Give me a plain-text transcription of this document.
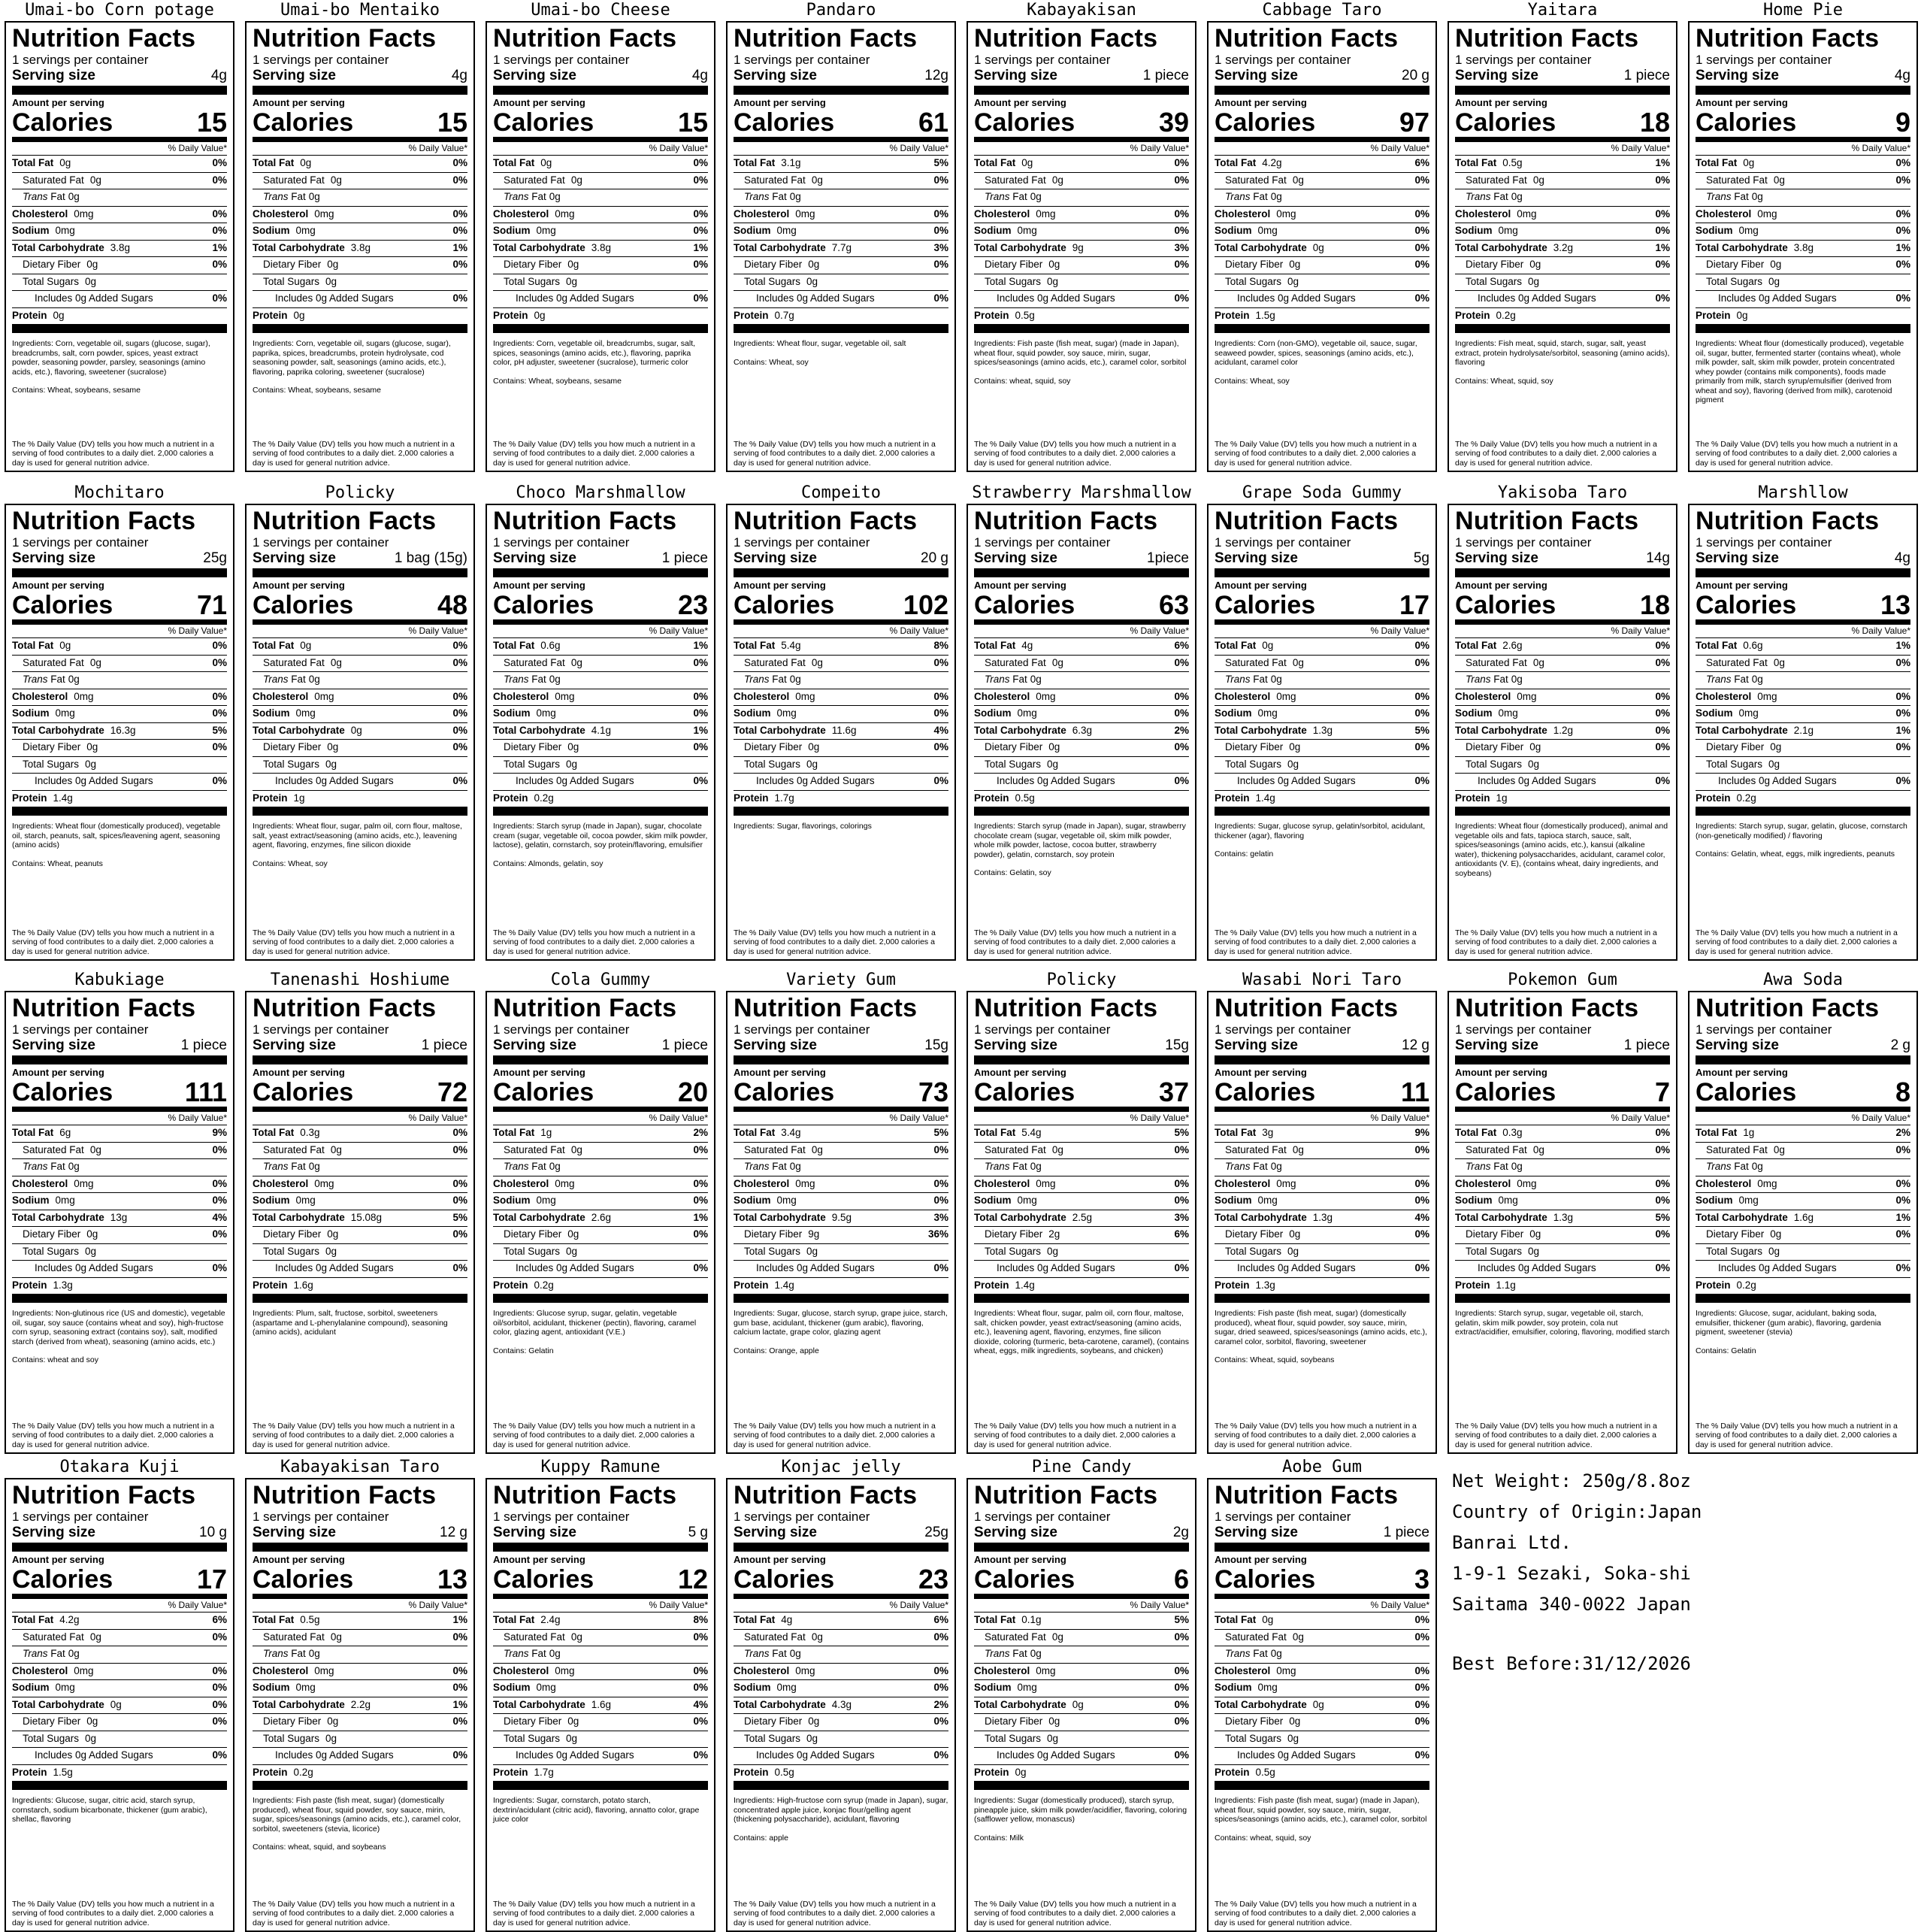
Umai-bo Corn potage
Nutrition Facts
1 servings per container
Serving size	4g
Amount per serving
Calories	15
% Daily Value*
Total Fat 0g	0%
Saturated Fat 0g	0%
Trans Fat 0g
Cholesterol 0mg	0%
Sodium 0mg	0%
Total Carbohydrate 3.8g	1%
Dietary Fiber 0g	0%
Total Sugars 0g
Includes 0g Added Sugars	0%
Protein 0g
Ingredients: Corn, vegetable oil, sugars (glucose, sugar), breadcrumbs, salt, corn powder, spices, yeast extract powder, seasoning powder, parsley, seasonings (amino acids, etc.), flavoring, sweetener (sucralose)
Contains: Wheat, soybeans, sesame
The % Daily Value (DV) tells you how much a nutrient in a serving of food contributes to a daily diet. 2,000 calories a day is used for general nutrition advice.
Umai-bo Mentaiko
Nutrition Facts
1 servings per container
Serving size	4g
Amount per serving
Calories	15
% Daily Value*
Total Fat 0g	0%
Saturated Fat 0g	0%
Trans Fat 0g
Cholesterol 0mg	0%
Sodium 0mg	0%
Total Carbohydrate 3.8g	1%
Dietary Fiber 0g	0%
Total Sugars 0g
Includes 0g Added Sugars	0%
Protein 0g
Ingredients: Corn, vegetable oil, sugars (glucose, sugar), paprika, spices, breadcrumbs, protein hydrolysate, cod seasoning powder, salt, seasonings (amino acids, etc.), flavoring, paprika coloring, sweetener (sucralose)
Contains: Wheat, soybeans, sesame
The % Daily Value (DV) tells you how much a nutrient in a serving of food contributes to a daily diet. 2,000 calories a day is used for general nutrition advice.
Umai-bo Cheese
Nutrition Facts
1 servings per container
Serving size	4g
Amount per serving
Calories	15
% Daily Value*
Total Fat 0g	0%
Saturated Fat 0g	0%
Trans Fat 0g
Cholesterol 0mg	0%
Sodium 0mg	0%
Total Carbohydrate 3.8g	1%
Dietary Fiber 0g	0%
Total Sugars 0g
Includes 0g Added Sugars	0%
Protein 0g
Ingredients: Corn, vegetable oil, breadcrumbs, sugar, salt, spices, seasonings (amino acids, etc.), flavoring, paprika color, pH adjuster, sweetener (sucralose), turmeric color
Contains: Wheat, soybeans, sesame
The % Daily Value (DV) tells you how much a nutrient in a serving of food contributes to a daily diet. 2,000 calories a day is used for general nutrition advice.
Pandaro
Nutrition Facts
1 servings per container
Serving size	12g
Amount per serving
Calories	61
% Daily Value*
Total Fat 3.1g	5%
Saturated Fat 0g	0%
Trans Fat 0g
Cholesterol 0mg	0%
Sodium 0mg	0%
Total Carbohydrate 7.7g	3%
Dietary Fiber 0g	0%
Total Sugars 0g
Includes 0g Added Sugars	0%
Protein 0.7g
Ingredients: Wheat flour, sugar, vegetable oil, salt
Contains: Wheat, soy
The % Daily Value (DV) tells you how much a nutrient in a serving of food contributes to a daily diet. 2,000 calories a day is used for general nutrition advice.
Kabayakisan
Nutrition Facts
1 servings per container
Serving size	1 piece
Amount per serving
Calories	39
% Daily Value*
Total Fat 0g	0%
Saturated Fat 0g	0%
Trans Fat 0g
Cholesterol 0mg	0%
Sodium 0mg	0%
Total Carbohydrate 9g	3%
Dietary Fiber 0g	0%
Total Sugars 0g
Includes 0g Added Sugars	0%
Protein 0.5g
Ingredients: Fish paste (fish meat, sugar) (made in Japan), wheat flour, squid powder, soy sauce, mirin, sugar, spices/seasonings (amino acids, etc.), caramel color, sorbitol
Contains: wheat, squid, soy
The % Daily Value (DV) tells you how much a nutrient in a serving of food contributes to a daily diet. 2,000 calories a day is used for general nutrition advice.
Cabbage Taro
Nutrition Facts
1 servings per container
Serving size	20 g
Amount per serving
Calories	97
% Daily Value*
Total Fat 4.2g	6%
Saturated Fat 0g	0%
Trans Fat 0g
Cholesterol 0mg	0%
Sodium 0mg	0%
Total Carbohydrate 0g	0%
Dietary Fiber 0g	0%
Total Sugars 0g
Includes 0g Added Sugars	0%
Protein 1.5g
Ingredients: Corn (non-GMO), vegetable oil, sauce, sugar, seaweed powder, spices, seasonings (amino acids, etc.), acidulant, caramel color
Contains: Wheat, soy
The % Daily Value (DV) tells you how much a nutrient in a serving of food contributes to a daily diet. 2,000 calories a day is used for general nutrition advice.
Yaitara
Nutrition Facts
1 servings per container
Serving size	1 piece
Amount per serving
Calories	18
% Daily Value*
Total Fat 0.5g	1%
Saturated Fat 0g	0%
Trans Fat 0g
Cholesterol 0mg	0%
Sodium 0mg	0%
Total Carbohydrate 3.2g	1%
Dietary Fiber 0g	0%
Total Sugars 0g
Includes 0g Added Sugars	0%
Protein 0.2g
Ingredients: Fish meat, squid, starch, sugar, salt, yeast extract, protein hydrolysate/sorbitol, seasoning (amino acids), flavoring
Contains: Wheat, squid, soy
The % Daily Value (DV) tells you how much a nutrient in a serving of food contributes to a daily diet. 2,000 calories a day is used for general nutrition advice.
Home Pie
Nutrition Facts
1 servings per container
Serving size	4g
Amount per serving
Calories	9
% Daily Value*
Total Fat 0g	0%
Saturated Fat 0g	0%
Trans Fat 0g
Cholesterol 0mg	0%
Sodium 0mg	0%
Total Carbohydrate 3.8g	1%
Dietary Fiber 0g	0%
Total Sugars 0g
Includes 0g Added Sugars	0%
Protein 0g
Ingredients: Wheat flour (domestically produced), vegetable oil, sugar, butter, fermented starter (contains wheat), whole milk powder, salt, skim milk powder, protein concentrated whey powder (contains milk components), foods made primarily from milk, starch syrup/emulsifier (derived from wheat and soy), flavoring (derived from milk), carotenoid pigment
The % Daily Value (DV) tells you how much a nutrient in a serving of food contributes to a daily diet. 2,000 calories a day is used for general nutrition advice.
Mochitaro
Nutrition Facts
1 servings per container
Serving size	25g
Amount per serving
Calories	71
% Daily Value*
Total Fat 0g	0%
Saturated Fat 0g	0%
Trans Fat 0g
Cholesterol 0mg	0%
Sodium 0mg	0%
Total Carbohydrate 16.3g	5%
Dietary Fiber 0g	0%
Total Sugars 0g
Includes 0g Added Sugars	0%
Protein 1.4g
Ingredients: Wheat flour (domestically produced), vegetable oil, starch, peanuts, salt, spices/leavening agent, seasoning (amino acids)
Contains: Wheat, peanuts
The % Daily Value (DV) tells you how much a nutrient in a serving of food contributes to a daily diet. 2,000 calories a day is used for general nutrition advice.
Policky
Nutrition Facts
1 servings per container
Serving size	1 bag (15g)
Amount per serving
Calories	48
% Daily Value*
Total Fat 0g	0%
Saturated Fat 0g	0%
Trans Fat 0g
Cholesterol 0mg	0%
Sodium 0mg	0%
Total Carbohydrate 0g	0%
Dietary Fiber 0g	0%
Total Sugars 0g
Includes 0g Added Sugars	0%
Protein 1g
Ingredients: Wheat flour, sugar, palm oil, corn flour, maltose, salt, yeast extract/seasoning (amino acids, etc.), leavening agent, flavoring, enzymes, fine silicon dioxide
Contains: Wheat, soy
The % Daily Value (DV) tells you how much a nutrient in a serving of food contributes to a daily diet. 2,000 calories a day is used for general nutrition advice.
Choco Marshmallow
Nutrition Facts
1 servings per container
Serving size	1 piece
Amount per serving
Calories	23
% Daily Value*
Total Fat 0.6g	1%
Saturated Fat 0g	0%
Trans Fat 0g
Cholesterol 0mg	0%
Sodium 0mg	0%
Total Carbohydrate 4.1g	1%
Dietary Fiber 0g	0%
Total Sugars 0g
Includes 0g Added Sugars	0%
Protein 0.2g
Ingredients: Starch syrup (made in Japan), sugar, chocolate cream (sugar, vegetable oil, cocoa powder, skim milk powder, lactose), gelatin, cornstarch, soy protein/flavoring, emulsifier
Contains: Almonds, gelatin, soy
The % Daily Value (DV) tells you how much a nutrient in a serving of food contributes to a daily diet. 2,000 calories a day is used for general nutrition advice.
Compeito
Nutrition Facts
1 servings per container
Serving size	20 g
Amount per serving
Calories	102
% Daily Value*
Total Fat 5.4g	8%
Saturated Fat 0g	0%
Trans Fat 0g
Cholesterol 0mg	0%
Sodium 0mg	0%
Total Carbohydrate 11.6g	4%
Dietary Fiber 0g	0%
Total Sugars 0g
Includes 0g Added Sugars	0%
Protein 1.7g
Ingredients: Sugar, flavorings, colorings
The % Daily Value (DV) tells you how much a nutrient in a serving of food contributes to a daily diet. 2,000 calories a day is used for general nutrition advice.
Strawberry Marshmallow
Nutrition Facts
1 servings per container
Serving size	1piece
Amount per serving
Calories	63
% Daily Value*
Total Fat 4g	6%
Saturated Fat 0g	0%
Trans Fat 0g
Cholesterol 0mg	0%
Sodium 0mg	0%
Total Carbohydrate 6.3g	2%
Dietary Fiber 0g	0%
Total Sugars 0g
Includes 0g Added Sugars	0%
Protein 0.5g
Ingredients: Starch syrup (made in Japan), sugar, strawberry chocolate cream (sugar, vegetable oil, skim milk powder, whole milk powder, lactose, cocoa butter, strawberry powder), gelatin, cornstarch, soy protein
Contains: Gelatin, soy
The % Daily Value (DV) tells you how much a nutrient in a serving of food contributes to a daily diet. 2,000 calories a day is used for general nutrition advice.
Grape Soda Gummy
Nutrition Facts
1 servings per container
Serving size	5g
Amount per serving
Calories	17
% Daily Value*
Total Fat 0g	0%
Saturated Fat 0g	0%
Trans Fat 0g
Cholesterol 0mg	0%
Sodium 0mg	0%
Total Carbohydrate 1.3g	5%
Dietary Fiber 0g	0%
Total Sugars 0g
Includes 0g Added Sugars	0%
Protein 1.4g
Ingredients: Sugar, glucose syrup, gelatin/sorbitol, acidulant, thickener (agar), flavoring
Contains: gelatin
The % Daily Value (DV) tells you how much a nutrient in a serving of food contributes to a daily diet. 2,000 calories a day is used for general nutrition advice.
Yakisoba Taro
Nutrition Facts
1 servings per container
Serving size	14g
Amount per serving
Calories	18
% Daily Value*
Total Fat 2.6g	0%
Saturated Fat 0g	0%
Trans Fat 0g
Cholesterol 0mg	0%
Sodium 0mg	0%
Total Carbohydrate 1.2g	0%
Dietary Fiber 0g	0%
Total Sugars 0g
Includes 0g Added Sugars	0%
Protein 1g
Ingredients: Wheat flour (domestically produced), animal and vegetable oils and fats, tapioca starch, sauce, salt, spices/seasonings (amino acids, etc.), kansui (alkaline water), thickening polysaccharides, acidulant, caramel color, antioxidants (V. E), (contains wheat, dairy ingredients, and soybeans)
The % Daily Value (DV) tells you how much a nutrient in a serving of food contributes to a daily diet. 2,000 calories a day is used for general nutrition advice.
Marshllow
Nutrition Facts
1 servings per container
Serving size	4g
Amount per serving
Calories	13
% Daily Value*
Total Fat 0.6g	1%
Saturated Fat 0g	0%
Trans Fat 0g
Cholesterol 0mg	0%
Sodium 0mg	0%
Total Carbohydrate 2.1g	1%
Dietary Fiber 0g	0%
Total Sugars 0g
Includes 0g Added Sugars	0%
Protein 0.2g
Ingredients: Starch syrup, sugar, gelatin, glucose, cornstarch (non-genetically modified) / flavoring
Contains: Gelatin, wheat, eggs, milk ingredients, peanuts
The % Daily Value (DV) tells you how much a nutrient in a serving of food contributes to a daily diet. 2,000 calories a day is used for general nutrition advice.
Kabukiage
Nutrition Facts
1 servings per container
Serving size	1 piece
Amount per serving
Calories	111
% Daily Value*
Total Fat 6g	9%
Saturated Fat 0g	0%
Trans Fat 0g
Cholesterol 0mg	0%
Sodium 0mg	0%
Total Carbohydrate 13g	4%
Dietary Fiber 0g	0%
Total Sugars 0g
Includes 0g Added Sugars	0%
Protein 1.3g
Ingredients: Non-glutinous rice (US and domestic), vegetable oil, sugar, soy sauce (contains wheat and soy), high-fructose corn syrup, seasoning extract (contains soy), salt, modified starch (derived from wheat), seasoning (amino acids, etc.)
Contains: wheat and soy
The % Daily Value (DV) tells you how much a nutrient in a serving of food contributes to a daily diet. 2,000 calories a day is used for general nutrition advice.
Tanenashi Hoshiume
Nutrition Facts
1 servings per container
Serving size	1 piece
Amount per serving
Calories	72
% Daily Value*
Total Fat 0.3g	0%
Saturated Fat 0g	0%
Trans Fat 0g
Cholesterol 0mg	0%
Sodium 0mg	0%
Total Carbohydrate 15.08g	5%
Dietary Fiber 0g	0%
Total Sugars 0g
Includes 0g Added Sugars	0%
Protein 1.6g
Ingredients: Plum, salt, fructose, sorbitol, sweeteners (aspartame and L-phenylalanine compound), seasoning (amino acids), acidulant
The % Daily Value (DV) tells you how much a nutrient in a serving of food contributes to a daily diet. 2,000 calories a day is used for general nutrition advice.
Cola Gummy
Nutrition Facts
1 servings per container
Serving size	1 piece
Amount per serving
Calories	20
% Daily Value*
Total Fat 1g	2%
Saturated Fat 0g	0%
Trans Fat 0g
Cholesterol 0mg	0%
Sodium 0mg	0%
Total Carbohydrate 2.6g	1%
Dietary Fiber 0g	0%
Total Sugars 0g
Includes 0g Added Sugars	0%
Protein 0.2g
Ingredients: Glucose syrup, sugar, gelatin, vegetable oil/sorbitol, acidulant, thickener (pectin), flavoring, caramel color, glazing agent, antioxidant (V.E.)
Contains: Gelatin
The % Daily Value (DV) tells you how much a nutrient in a serving of food contributes to a daily diet. 2,000 calories a day is used for general nutrition advice.
Variety Gum
Nutrition Facts
1 servings per container
Serving size	15g
Amount per serving
Calories	73
% Daily Value*
Total Fat 3.4g	5%
Saturated Fat 0g	0%
Trans Fat 0g
Cholesterol 0mg	0%
Sodium 0mg	0%
Total Carbohydrate 9.5g	3%
Dietary Fiber 9g	36%
Total Sugars 0g
Includes 0g Added Sugars	0%
Protein 1.4g
Ingredients: Sugar, glucose, starch syrup, grape juice, starch, gum base, acidulant, thickener (gum arabic), flavoring, calcium lactate, grape color, glazing agent
Contains: Orange, apple
The % Daily Value (DV) tells you how much a nutrient in a serving of food contributes to a daily diet. 2,000 calories a day is used for general nutrition advice.
Policky
Nutrition Facts
1 servings per container
Serving size	15g
Amount per serving
Calories	37
% Daily Value*
Total Fat 5.4g	5%
Saturated Fat 0g	0%
Trans Fat 0g
Cholesterol 0mg	0%
Sodium 0mg	0%
Total Carbohydrate 2.5g	3%
Dietary Fiber 2g	6%
Total Sugars 0g
Includes 0g Added Sugars	0%
Protein 1.4g
Ingredients: Wheat flour, sugar, palm oil, corn flour, maltose, salt, chicken powder, yeast extract/seasoning (amino acids, etc.), leavening agent, flavoring, enzymes, fine silicon dioxide, coloring (turmeric, beta-carotene, caramel), (contains wheat, eggs, milk ingredients, soybeans, and chicken)
The % Daily Value (DV) tells you how much a nutrient in a serving of food contributes to a daily diet. 2,000 calories a day is used for general nutrition advice.
Wasabi Nori Taro
Nutrition Facts
1 servings per container
Serving size	12 g
Amount per serving
Calories	11
% Daily Value*
Total Fat 3g	9%
Saturated Fat 0g	0%
Trans Fat 0g
Cholesterol 0mg	0%
Sodium 0mg	0%
Total Carbohydrate 1.3g	4%
Dietary Fiber 0g	0%
Total Sugars 0g
Includes 0g Added Sugars	0%
Protein 1.3g
Ingredients: Fish paste (fish meat, sugar) (domestically produced), wheat flour, squid powder, soy sauce, mirin, sugar, dried seaweed, spices/seasonings (amino acids, etc.), caramel color, sorbitol, flavoring, sweetener
Contains: Wheat, squid, soybeans
The % Daily Value (DV) tells you how much a nutrient in a serving of food contributes to a daily diet. 2,000 calories a day is used for general nutrition advice.
Pokemon Gum
Nutrition Facts
1 servings per container
Serving size	1 piece
Amount per serving
Calories	7
% Daily Value*
Total Fat 0.3g	0%
Saturated Fat 0g	0%
Trans Fat 0g
Cholesterol 0mg	0%
Sodium 0mg	0%
Total Carbohydrate 1.3g	5%
Dietary Fiber 0g	0%
Total Sugars 0g
Includes 0g Added Sugars	0%
Protein 1.1g
Ingredients: Starch syrup, sugar, vegetable oil, starch, gelatin, skim milk powder, soy protein, cola nut extract/acidifier, emulsifier, coloring, flavoring, modified starch
The % Daily Value (DV) tells you how much a nutrient in a serving of food contributes to a daily diet. 2,000 calories a day is used for general nutrition advice.
Awa Soda
Nutrition Facts
1 servings per container
Serving size	2 g
Amount per serving
Calories	8
% Daily Value*
Total Fat 1g	2%
Saturated Fat 0g	0%
Trans Fat 0g
Cholesterol 0mg	0%
Sodium 0mg	0%
Total Carbohydrate 1.6g	1%
Dietary Fiber 0g	0%
Total Sugars 0g
Includes 0g Added Sugars	0%
Protein 0.2g
Ingredients: Glucose, sugar, acidulant, baking soda, emulsifier, thickener (gum arabic), flavoring, gardenia pigment, sweetener (stevia)
Contains: Gelatin
The % Daily Value (DV) tells you how much a nutrient in a serving of food contributes to a daily diet. 2,000 calories a day is used for general nutrition advice.
Otakara Kuji
Nutrition Facts
1 servings per container
Serving size	10 g
Amount per serving
Calories	17
% Daily Value*
Total Fat 4.2g	6%
Saturated Fat 0g	0%
Trans Fat 0g
Cholesterol 0mg	0%
Sodium 0mg	0%
Total Carbohydrate 0g	0%
Dietary Fiber 0g	0%
Total Sugars 0g
Includes 0g Added Sugars	0%
Protein 1.5g
Ingredients: Glucose, sugar, citric acid, starch syrup, cornstarch, sodium bicarbonate, thickener (gum arabic), shellac, flavoring
The % Daily Value (DV) tells you how much a nutrient in a serving of food contributes to a daily diet. 2,000 calories a day is used for general nutrition advice.
Kabayakisan Taro
Nutrition Facts
1 servings per container
Serving size	12 g
Amount per serving
Calories	13
% Daily Value*
Total Fat 0.5g	1%
Saturated Fat 0g	0%
Trans Fat 0g
Cholesterol 0mg	0%
Sodium 0mg	0%
Total Carbohydrate 2.2g	1%
Dietary Fiber 0g	0%
Total Sugars 0g
Includes 0g Added Sugars	0%
Protein 0.2g
Ingredients: Fish paste (fish meat, sugar) (domestically produced), wheat flour, squid powder, soy sauce, mirin, sugar, spices/seasonings (amino acids, etc.), caramel color, sorbitol, sweeteners (stevia, licorice)
Contains: wheat, squid, and soybeans
The % Daily Value (DV) tells you how much a nutrient in a serving of food contributes to a daily diet. 2,000 calories a day is used for general nutrition advice.
Kuppy Ramune
Nutrition Facts
1 servings per container
Serving size	5 g
Amount per serving
Calories	12
% Daily Value*
Total Fat 2.4g	8%
Saturated Fat 0g	0%
Trans Fat 0g
Cholesterol 0mg	0%
Sodium 0mg	0%
Total Carbohydrate 1.6g	4%
Dietary Fiber 0g	0%
Total Sugars 0g
Includes 0g Added Sugars	0%
Protein 1.7g
Ingredients: Sugar, cornstarch, potato starch, dextrin/acidulant (citric acid), flavoring, annatto color, grape juice color
The % Daily Value (DV) tells you how much a nutrient in a serving of food contributes to a daily diet. 2,000 calories a day is used for general nutrition advice.
Konjac jelly
Nutrition Facts
1 servings per container
Serving size	25g
Amount per serving
Calories	23
% Daily Value*
Total Fat 4g	6%
Saturated Fat 0g	0%
Trans Fat 0g
Cholesterol 0mg	0%
Sodium 0mg	0%
Total Carbohydrate 4.3g	2%
Dietary Fiber 0g	0%
Total Sugars 0g
Includes 0g Added Sugars	0%
Protein 0.5g
Ingredients: High-fructose corn syrup (made in Japan), sugar, concentrated apple juice, konjac flour/gelling agent (thickening polysaccharide), acidulant, flavoring
Contains: apple
The % Daily Value (DV) tells you how much a nutrient in a serving of food contributes to a daily diet. 2,000 calories a day is used for general nutrition advice.
Pine Candy
Nutrition Facts
1 servings per container
Serving size	2g
Amount per serving
Calories	6
% Daily Value*
Total Fat 0.1g	5%
Saturated Fat 0g	0%
Trans Fat 0g
Cholesterol 0mg	0%
Sodium 0mg	0%
Total Carbohydrate 0g	0%
Dietary Fiber 0g	0%
Total Sugars 0g
Includes 0g Added Sugars	0%
Protein 0g
Ingredients: Sugar (domestically produced), starch syrup, pineapple juice, skim milk powder/acidifier, flavoring, coloring (safflower yellow, monascus)
Contains: Milk
The % Daily Value (DV) tells you how much a nutrient in a serving of food contributes to a daily diet. 2,000 calories a day is used for general nutrition advice.
Aobe Gum
Nutrition Facts
1 servings per container
Serving size	1 piece
Amount per serving
Calories	3
% Daily Value*
Total Fat 0g	0%
Saturated Fat 0g	0%
Trans Fat 0g
Cholesterol 0mg	0%
Sodium 0mg	0%
Total Carbohydrate 0g	0%
Dietary Fiber 0g	0%
Total Sugars 0g
Includes 0g Added Sugars	0%
Protein 0.5g
Ingredients: Fish paste (fish meat, sugar) (made in Japan), wheat flour, squid powder, soy sauce, mirin, sugar, spices/seasonings (amino acids, etc.), caramel color, sorbitol
Contains: wheat, squid, soy
The % Daily Value (DV) tells you how much a nutrient in a serving of food contributes to a daily diet. 2,000 calories a day is used for general nutrition advice.
Net Weight: 250g/8.8oz
Country of Origin:Japan
Banrai Ltd.
1-9-1 Sezaki, Soka-shi
Saitama 340-0022 Japan
Best Before:31/12/2026
